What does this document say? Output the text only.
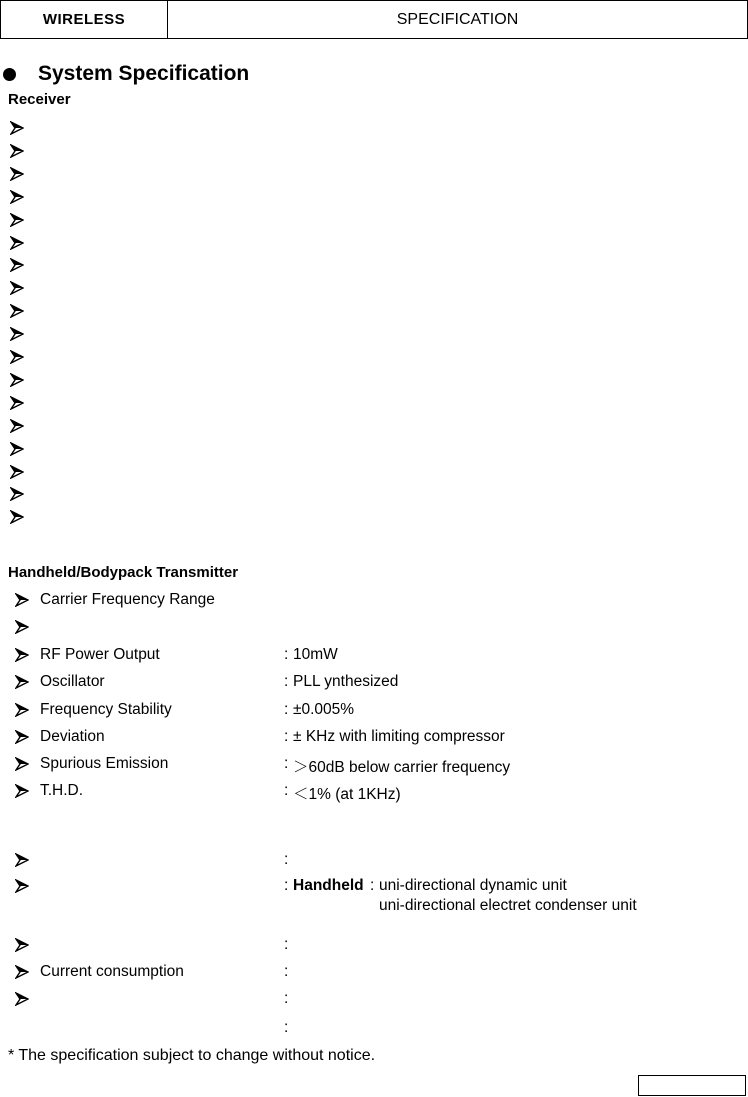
WIRELESS	SPECIFICATION
System Specification
Receiver
Handheld/Bodypack Transmitter
Carrier Frequency Range
RF Power Output	: 10mW
Oscillator	: PLL ynthesized
Frequency Stability	: ±0.005%
Deviation	: ± KHz with limiting compressor
Spurious Emission	: ＞60dB below carrier frequency
T.H.D.	: ＜1% (at 1KHz)
:
: Handheld : uni-directional dynamic unit
uni-directional electret condenser unit
:
Current consumption	:
:
:
* The specification subject to change without notice.
